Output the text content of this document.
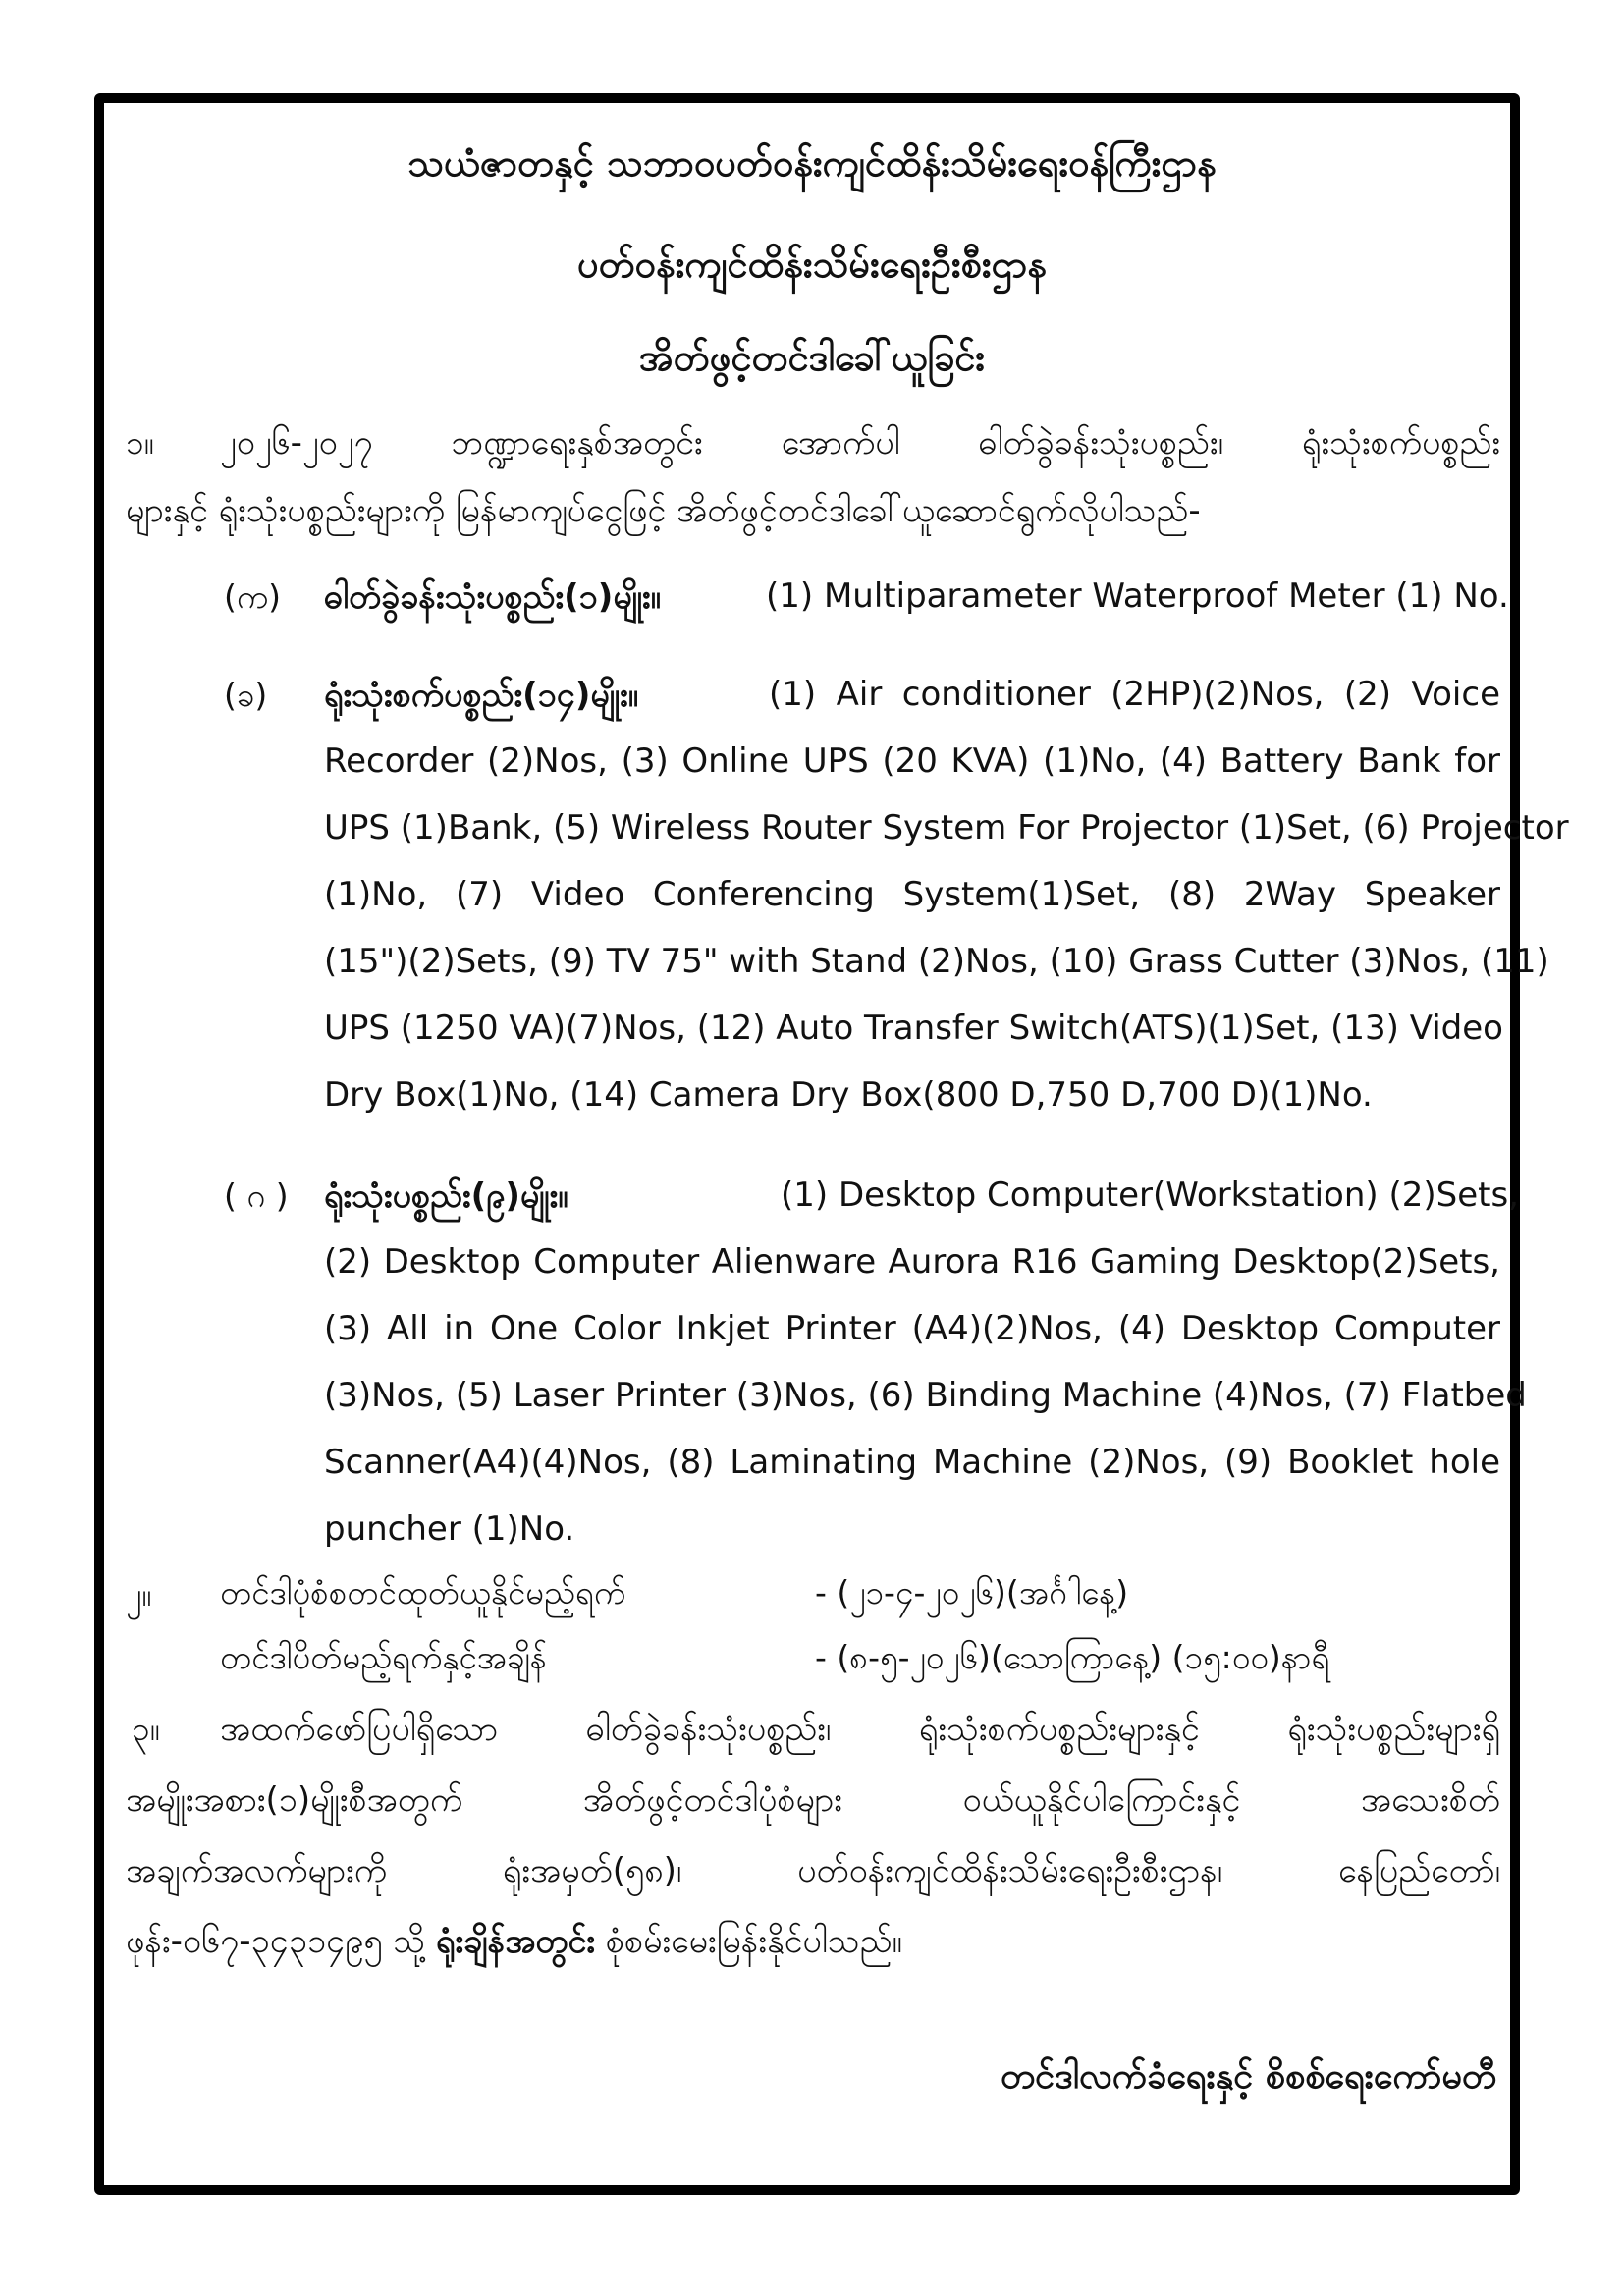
သယံဇာတနှင့် သဘာဝပတ်ဝန်းကျင်ထိန်းသိမ်းရေးဝန်ကြီးဌာန
ပတ်ဝန်းကျင်ထိန်းသိမ်းရေးဦးစီးဌာန
အိတ်ဖွင့်တင်ဒါခေါ်ယူခြင်း
၁။ ၂၀၂၆-၂၀၂၇ ဘဏ္ဍာရေးနှစ်အတွင်း အောက်ပါ ဓါတ်ခွဲခန်းသုံးပစ္စည်း၊ ရုံးသုံးစက်ပစ္စည်း
များနှင့် ရုံးသုံးပစ္စည်းများကို မြန်မာကျပ်ငွေဖြင့် အိတ်ဖွင့်တင်ဒါခေါ်ယူဆောင်ရွက်လိုပါသည်-
(က) ဓါတ်ခွဲခန်းသုံးပစ္စည်း(၁)မျိုး။	(1) Multiparameter Waterproof Meter (1) No.
(ခ) ရုံးသုံးစက်ပစ္စည်း(၁၄)မျိုး။	(1) Air conditioner (2HP)(2)Nos, (2) Voice
Recorder (2)Nos, (3) Online UPS (20 KVA) (1)No, (4) Battery Bank for
UPS (1)Bank, (5) Wireless Router System For Projector (1)Set, (6) Projector
(1)No, (7) Video Conferencing System(1)Set, (8) 2Way Speaker
(15")(2)Sets, (9) TV 75" with Stand (2)Nos, (10) Grass Cutter (3)Nos, (11)
UPS (1250 VA)(7)Nos, (12) Auto Transfer Switch(ATS)(1)Set, (13) Video
Dry Box(1)No, (14) Camera Dry Box(800 D,750 D,700 D)(1)No.
( ဂ ) ရုံးသုံးပစ္စည်း(၉)မျိုး။	(1) Desktop Computer(Workstation) (2)Sets,
(2) Desktop Computer Alienware Aurora R16 Gaming Desktop(2)Sets,
(3) All in One Color Inkjet Printer (A4)(2)Nos, (4) Desktop Computer
(3)Nos, (5) Laser Printer (3)Nos, (6) Binding Machine (4)Nos, (7) Flatbed
Scanner(A4)(4)Nos, (8) Laminating Machine (2)Nos, (9) Booklet hole
puncher (1)No.
၂။ တင်ဒါပုံစံစတင်ထုတ်ယူနိုင်မည့်ရက်	- (၂၁-၄-၂၀၂၆)(အင်္ဂါနေ့)
တင်ဒါပိတ်မည့်ရက်နှင့်အချိန်	- (၈-၅-၂၀၂၆)(သောကြာနေ့) (၁၅:၀၀)နာရီ
၃။ အထက်ဖော်ပြပါရှိသော ဓါတ်ခွဲခန်းသုံးပစ္စည်း၊ ရုံးသုံးစက်ပစ္စည်းများနှင့် ရုံးသုံးပစ္စည်းများရှိ
အမျိုးအစား(၁)မျိုးစီအတွက် အိတ်ဖွင့်တင်ဒါပုံစံများ ဝယ်ယူနိုင်ပါကြောင်းနှင့် အသေးစိတ်
အချက်အလက်များကို ရုံးအမှတ်(၅၈)၊ ပတ်ဝန်းကျင်ထိန်းသိမ်းရေးဦးစီးဌာန၊ နေပြည်တော်၊
ဖုန်း-၀၆၇-၃၄၃၁၄၉၅ သို့ ရုံးချိန်အတွင်း စုံစမ်းမေးမြန်းနိုင်ပါသည်။
တင်ဒါလက်ခံရေးနှင့် စိစစ်ရေးကော်မတီ
